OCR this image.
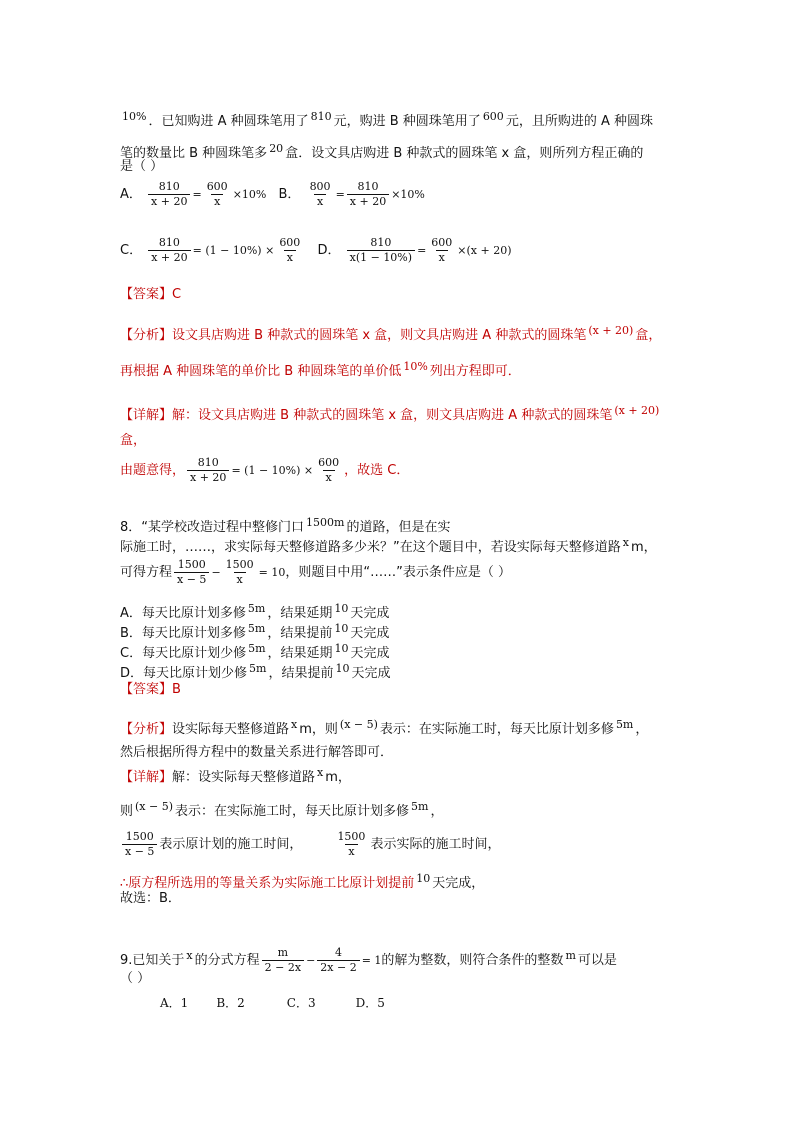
$^{10\%}$ ．已知购进 A 种圆珠笔用了 $^{810}$ 元，购进 B 种圆珠笔用了 $^{600}$ 元，且所购进的 A 种圆珠
笔的数量比 B 种圆珠笔多 $^{20}$ 盒．设文具店购进 B 种款式的圆珠笔 x 盒，则所列方程正确的
是（ ）
A． $\frac{810}{x + 20} = \frac{600}{x} \times 10\%$ B． $\frac{800}{x} = \frac{810}{x + 20} \times 10\%$
C． $\frac{810}{x + 20} = (1 - 10\%) \times \frac{600}{x}$ D． $\frac{810}{x(1 - 10\%)} = \frac{600}{x} \times(x + 20)$
【答案】C
【分析】设文具店购进 B 种款式的圆珠笔 x 盒，则文具店购进 A 种款式的圆珠笔 $^{(x + 20)}$ 盒，
再根据 A 种圆珠笔的单价比 B 种圆珠笔的单价低 $^{10\%}$ 列出方程即可．
【详解】解：设文具店购进 B 种款式的圆珠笔 x 盒，则文具店购进 A 种款式的圆珠笔 $^{(x + 20)}$
盒，
由题意得， $\frac{810}{x + 20} = (1 - 10\%) \times \frac{600}{x}$ ，故选 C．
8．“某学校改造过程中整修门口 $^{1500m}$ 的道路，但是在实
际施工时，……，求实际每天整修道路多少米？”在这个题目中，若设实际每天整修道路 $^x$ m，
可得方程 $\frac{1500}{x - 5} - \frac{1500}{x} = 10$，则题目中用“……”表示条件应是（ ）
A．每天比原计划多修 $^{5m}$ ，结果延期 $^{10}$ 天完成
B．每天比原计划多修 $^{5m}$ ，结果提前 $^{10}$ 天完成
C．每天比原计划少修 $^{5m}$ ，结果延期 $^{10}$ 天完成
D．每天比原计划少修 $^{5m}$ ，结果提前 $^{10}$ 天完成
【答案】B
【分析】设实际每天整修道路 $^x$ m，则 $^{(x - 5)}$ 表示：在实际施工时，每天比原计划多修 $^{5m}$ ，
然后根据所得方程中的数量关系进行解答即可．
【详解】解：设实际每天整修道路 $^x$ m，
则 $^{(x - 5)}$ 表示：在实际施工时，每天比原计划多修 $^{5m}$ ，
$\frac{1500}{x - 5}$ 表示原计划的施工时间，	$\frac{1500}{x}$ 表示实际的施工时间，
∴原方程所选用的等量关系为实际施工比原计划提前 $^{10}$ 天完成，
故选：B．
9.已知关于 $^x$ 的分式方程 $\frac{m}{2 - 2x} - \frac{4}{2x - 2} = 1$的解为整数，则符合条件的整数 $^m$ 可以是
（ ）
A．1 B．2	C．3	D．5
